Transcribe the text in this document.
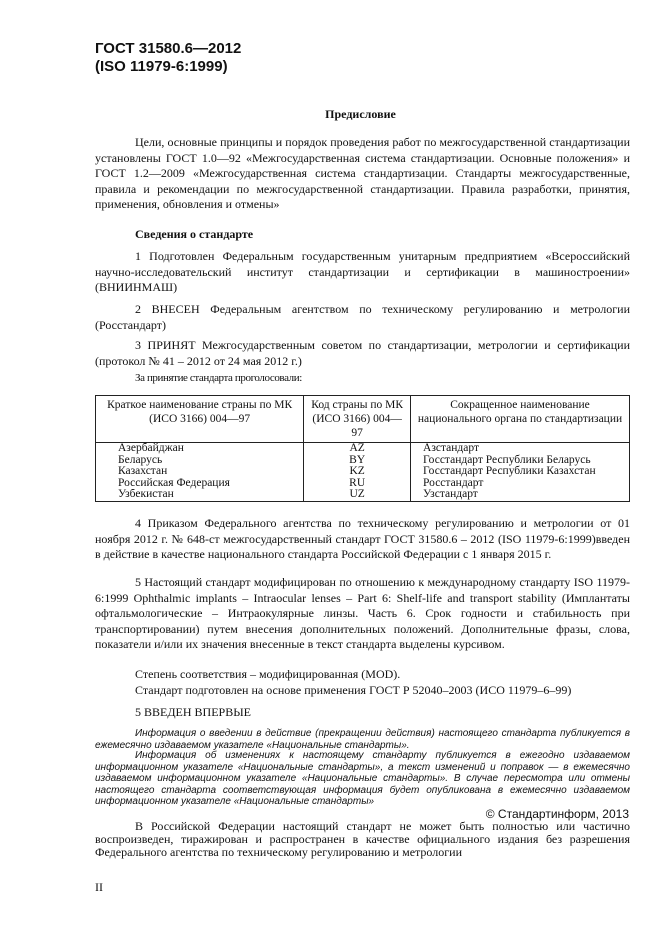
ГОСТ 31580.6—2012
(ISO 11979-6:1999)
Предисловие

Цели, основные принципы и порядок проведения работ по межгосударственной стандартизации установлены ГОСТ 1.0—92 «Межгосударственная система стандартизации. Основные положения» и ГОСТ 1.2—2009 «Межгосударственная система стандартизации. Стандарты межгосударственные, правила и рекомендации по межгосударственной стандартизации. Правила разработки, принятия, применения, обновления и отмены»

Сведения о стандарте

1 Подготовлен Федеральным государственным унитарным предприятием «Всероссийский научно-исследовательский институт стандартизации и сертификации в машиностроении» (ВНИИНМАШ)

2 ВНЕСЕН Федеральным агентством по техническому регулированию и метрологии (Росстандарт)

3 ПРИНЯТ Межгосударственным советом по стандартизации, метрологии и сертификации (протокол № 41 – 2012 от 24 мая 2012 г.)

За принятие стандарта проголосовали:
Краткое наименование страны по МК (ИСО 3166) 004—97	Код страны по МК (ИСО 3166) 004—97	Сокращенное наименование национального органа по стандартизации
Азербайджан	AZ	Азстандарт
Беларусь	BY	Госстандарт Республики Беларусь
Казахстан	KZ	Госстандарт Республики Казахстан
Российская Федерация	RU	Росстандарт
Узбекистан	UZ	Узстандарт

4 Приказом Федерального агентства по техническому регулированию и метрологии от 01 ноября 2012 г. № 648-ст межгосударственный стандарт ГОСТ 31580.6 – 2012 (ISO 11979-6:1999)введен в действие в качестве национального стандарта Российской Федерации с 1 января 2015 г.

5 Настоящий стандарт модифицирован по отношению к международному стандарту ISO 11979-6:1999 Ophthalmic implants – Intraocular lenses – Part 6: Shelf-life and transport stability (Имплантаты офтальмологические – Интраокулярные линзы. Часть 6. Срок годности и стабильность при транспортировании) путем внесения дополнительных положений. Дополнительные фразы, слова, показатели и/или их значения внесенные в текст стандарта выделены курсивом.

Степень соответствия – модифицированная (MOD).
Стандарт подготовлен на основе применения ГОСТ Р 52040–2003 (ИСО 11979–6–99)
5 ВВЕДЕН ВПЕРВЫЕ

Информация о введении в действие (прекращении действия) настоящего стандарта публикуется в ежемесячно издаваемом указателе «Национальные стандарты».

Информация об изменениях к настоящему стандарту публикуется в ежегодно издаваемом информационном указателе «Национальные стандарты», а текст изменений и поправок — в ежемесячно издаваемом информационном указателе «Национальные стандарты». В случае пересмотра или отмены настоящего стандарта соответствующая информация будет опубликована в ежемесячно издаваемом информационном указателе «Национальные стандарты»

© Стандартинформ, 2013

В Российской Федерации настоящий стандарт не может быть полностью или частично воспроизведен, тиражирован и распространен в качестве официального издания без разрешения Федерального агентства по техническому регулированию и метрологии

II
